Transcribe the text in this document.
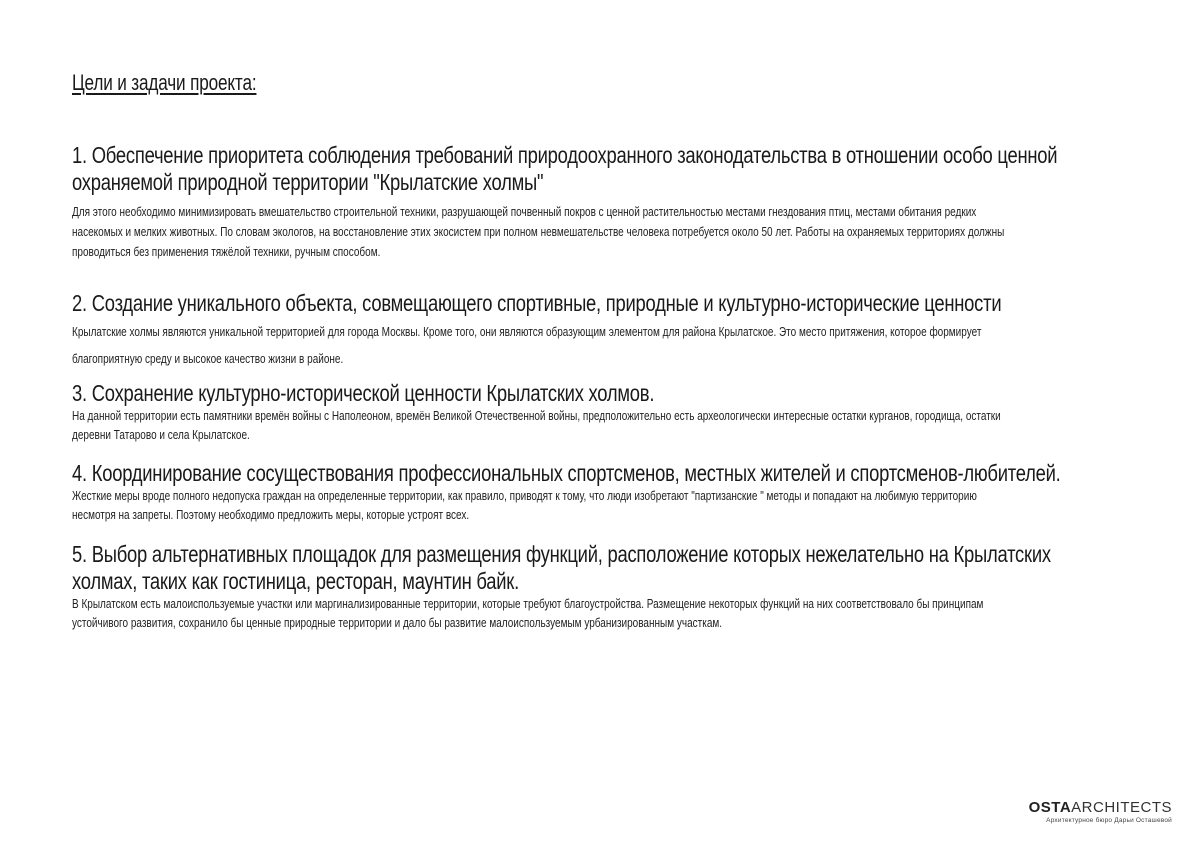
Цели и задачи проекта:
1. Обеспечение приоритета соблюдения требований природоохранного законодательства в отношении особо ценной
охраняемой природной территории "Крылатские холмы"
Для этого необходимо минимизировать вмешательство строительной техники, разрушающей почвенный покров с ценной растительностью местами гнездования птиц, местами обитания редких
насекомых и мелких животных. По словам экологов, на восстановление этих экосистем при полном невмешательстве человека потребуется около 50 лет. Работы на охраняемых территориях должны
проводиться без применения тяжёлой техники, ручным способом.
2. Создание уникального объекта, совмещающего спортивные, природные и культурно-исторические ценности
Крылатские холмы являются уникальной территорией для города Москвы. Кроме того, они являются образующим элементом для района Крылатское. Это место притяжения, которое формирует
благоприятную среду и высокое качество жизни в районе.
3. Сохранение культурно-исторической ценности Крылатских холмов.
На данной территории есть памятники времён войны с Наполеоном, времён Великой Отечественной войны, предположительно есть археологически интересные остатки курганов, городища, остатки
деревни Татарово и села Крылатское.
4. Координирование сосуществования профессиональных спортсменов, местных жителей и спортсменов-любителей.
Жесткие меры вроде полного недопуска граждан на определенные территории, как правило, приводят к тому, что люди изобретают "партизанские " методы и попадают на любимую территорию
несмотря на запреты. Поэтому необходимо предложить меры, которые устроят всех.
5. Выбор альтернативных площадок для размещения функций, расположение которых нежелательно на Крылатских
холмах, таких как гостиница, ресторан, маунтин байк.
В Крылатском есть малоиспользуемые участки или маргинализированные территории, которые требуют благоустройства. Размещение некоторых функций на них соответствовало бы принципам
устойчивого развития, сохранило бы ценные природные территории и дало бы развитие малоиспользуемым урбанизированным участкам.
OSTAARCHITECTS
Архитектурное бюро Дарьи Осташевой
